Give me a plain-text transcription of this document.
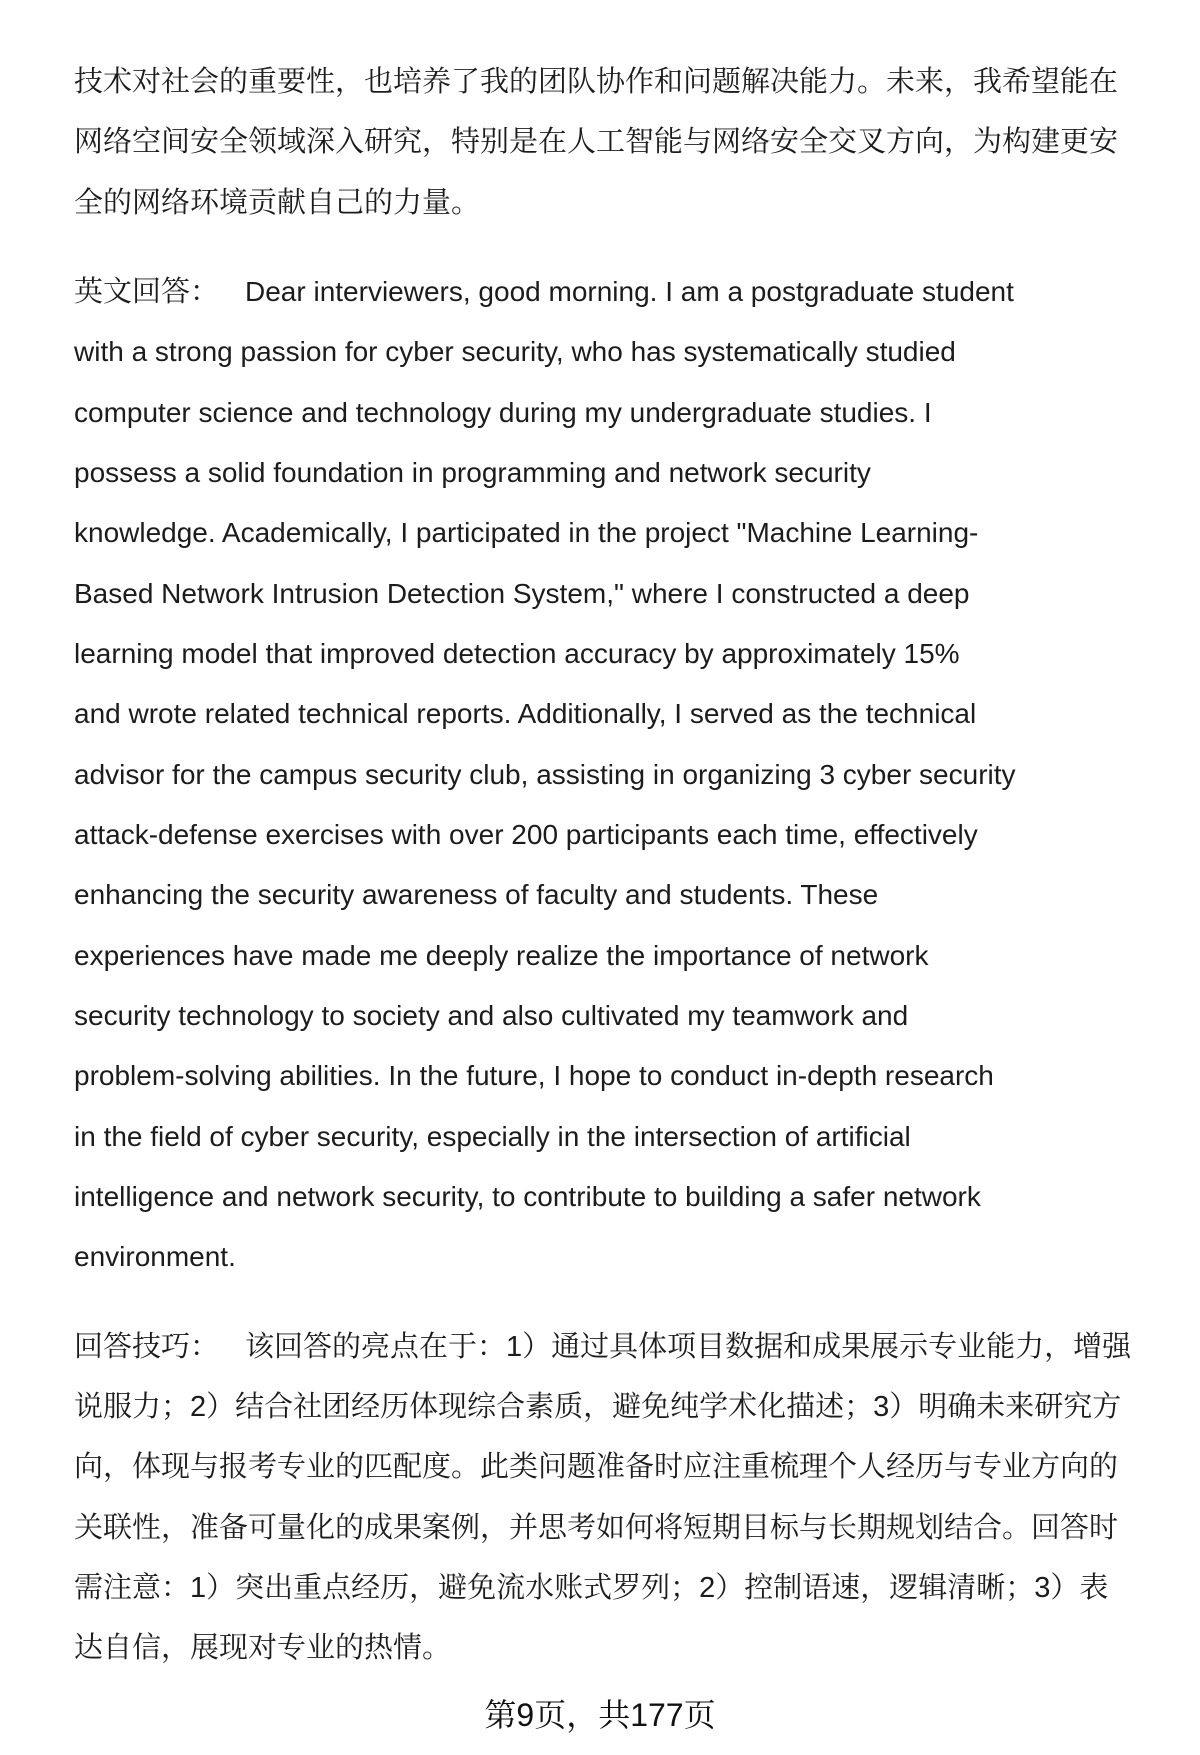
技术对社会的重要性，也培养了我的团队协作和问题解决能力。未来，我希望能在
网络空间安全领域深入研究，特别是在人工智能与网络安全交叉方向，为构建更安
全的网络环境贡献自己的力量。

英文回答： Dear interviewers, good morning. I am a postgraduate student
with a strong passion for cyber security, who has systematically studied
computer science and technology during my undergraduate studies. I
possess a solid foundation in programming and network security
knowledge. Academically, I participated in the project "Machine Learning-
Based Network Intrusion Detection System," where I constructed a deep
learning model that improved detection accuracy by approximately 15%
and wrote related technical reports. Additionally, I served as the technical
advisor for the campus security club, assisting in organizing 3 cyber security
attack-defense exercises with over 200 participants each time, effectively
enhancing the security awareness of faculty and students. These
experiences have made me deeply realize the importance of network
security technology to society and also cultivated my teamwork and
problem-solving abilities. In the future, I hope to conduct in-depth research
in the field of cyber security, especially in the intersection of artificial
intelligence and network security, to contribute to building a safer network
environment.

回答技巧： 该回答的亮点在于：1）通过具体项目数据和成果展示专业能力，增强
说服力；2）结合社团经历体现综合素质，避免纯学术化描述；3）明确未来研究方
向，体现与报考专业的匹配度。此类问题准备时应注重梳理个人经历与专业方向的
关联性，准备可量化的成果案例，并思考如何将短期目标与长期规划结合。回答时
需注意：1）突出重点经历，避免流水账式罗列；2）控制语速，逻辑清晰；3）表
达自信，展现对专业的热情。

第9页，共177页
